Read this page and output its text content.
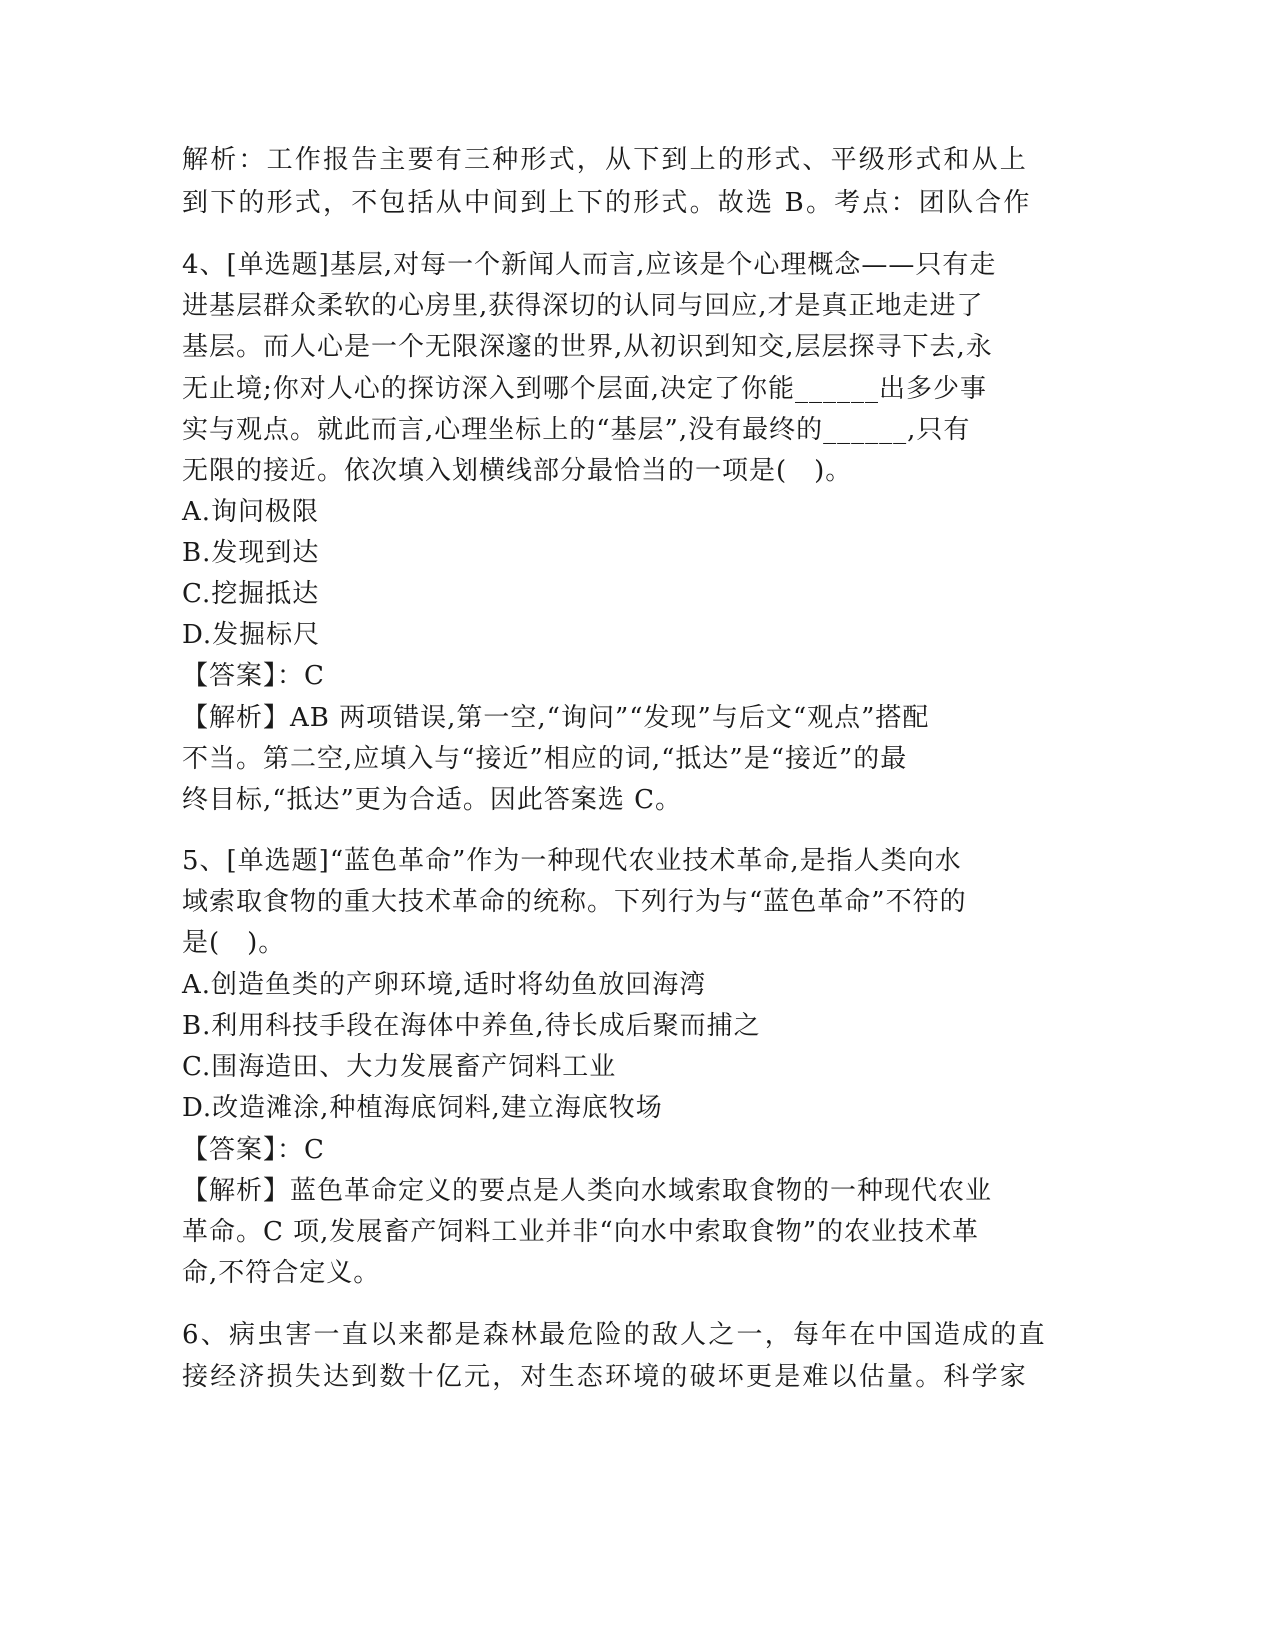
解析：工作报告主要有三种形式，从下到上的形式、平级形式和从上
到下的形式，不包括从中间到上下的形式。故选 B。考点：团队合作
4、[单选题]基层,对每一个新闻人而言,应该是个心理概念——只有走
进基层群众柔软的心房里,获得深切的认同与回应,才是真正地走进了
基层。而人心是一个无限深邃的世界,从初识到知交,层层探寻下去,永
无止境;你对人心的探访深入到哪个层面,决定了你能______出多少事
实与观点。就此而言,心理坐标上的“基层”,没有最终的______,只有
无限的接近。依次填入划横线部分最恰当的一项是(　)。
A.询问极限
B.发现到达
C.挖掘抵达
D.发掘标尺
【答案】：C
【解析】AB 两项错误,第一空,“询问”“发现”与后文“观点”搭配
不当。第二空,应填入与“接近”相应的词,“抵达”是“接近”的最
终目标,“抵达”更为合适。因此答案选 C。
5、[单选题]“蓝色革命”作为一种现代农业技术革命,是指人类向水
域索取食物的重大技术革命的统称。下列行为与“蓝色革命”不符的
是(　)。
A.创造鱼类的产卵环境,适时将幼鱼放回海湾
B.利用科技手段在海体中养鱼,待长成后聚而捕之
C.围海造田、大力发展畜产饲料工业
D.改造滩涂,种植海底饲料,建立海底牧场
【答案】：C
【解析】蓝色革命定义的要点是人类向水域索取食物的一种现代农业
革命。C 项,发展畜产饲料工业并非“向水中索取食物”的农业技术革
命,不符合定义。
6、病虫害一直以来都是森林最危险的敌人之一，每年在中国造成的直
接经济损失达到数十亿元，对生态环境的破坏更是难以估量。科学家
